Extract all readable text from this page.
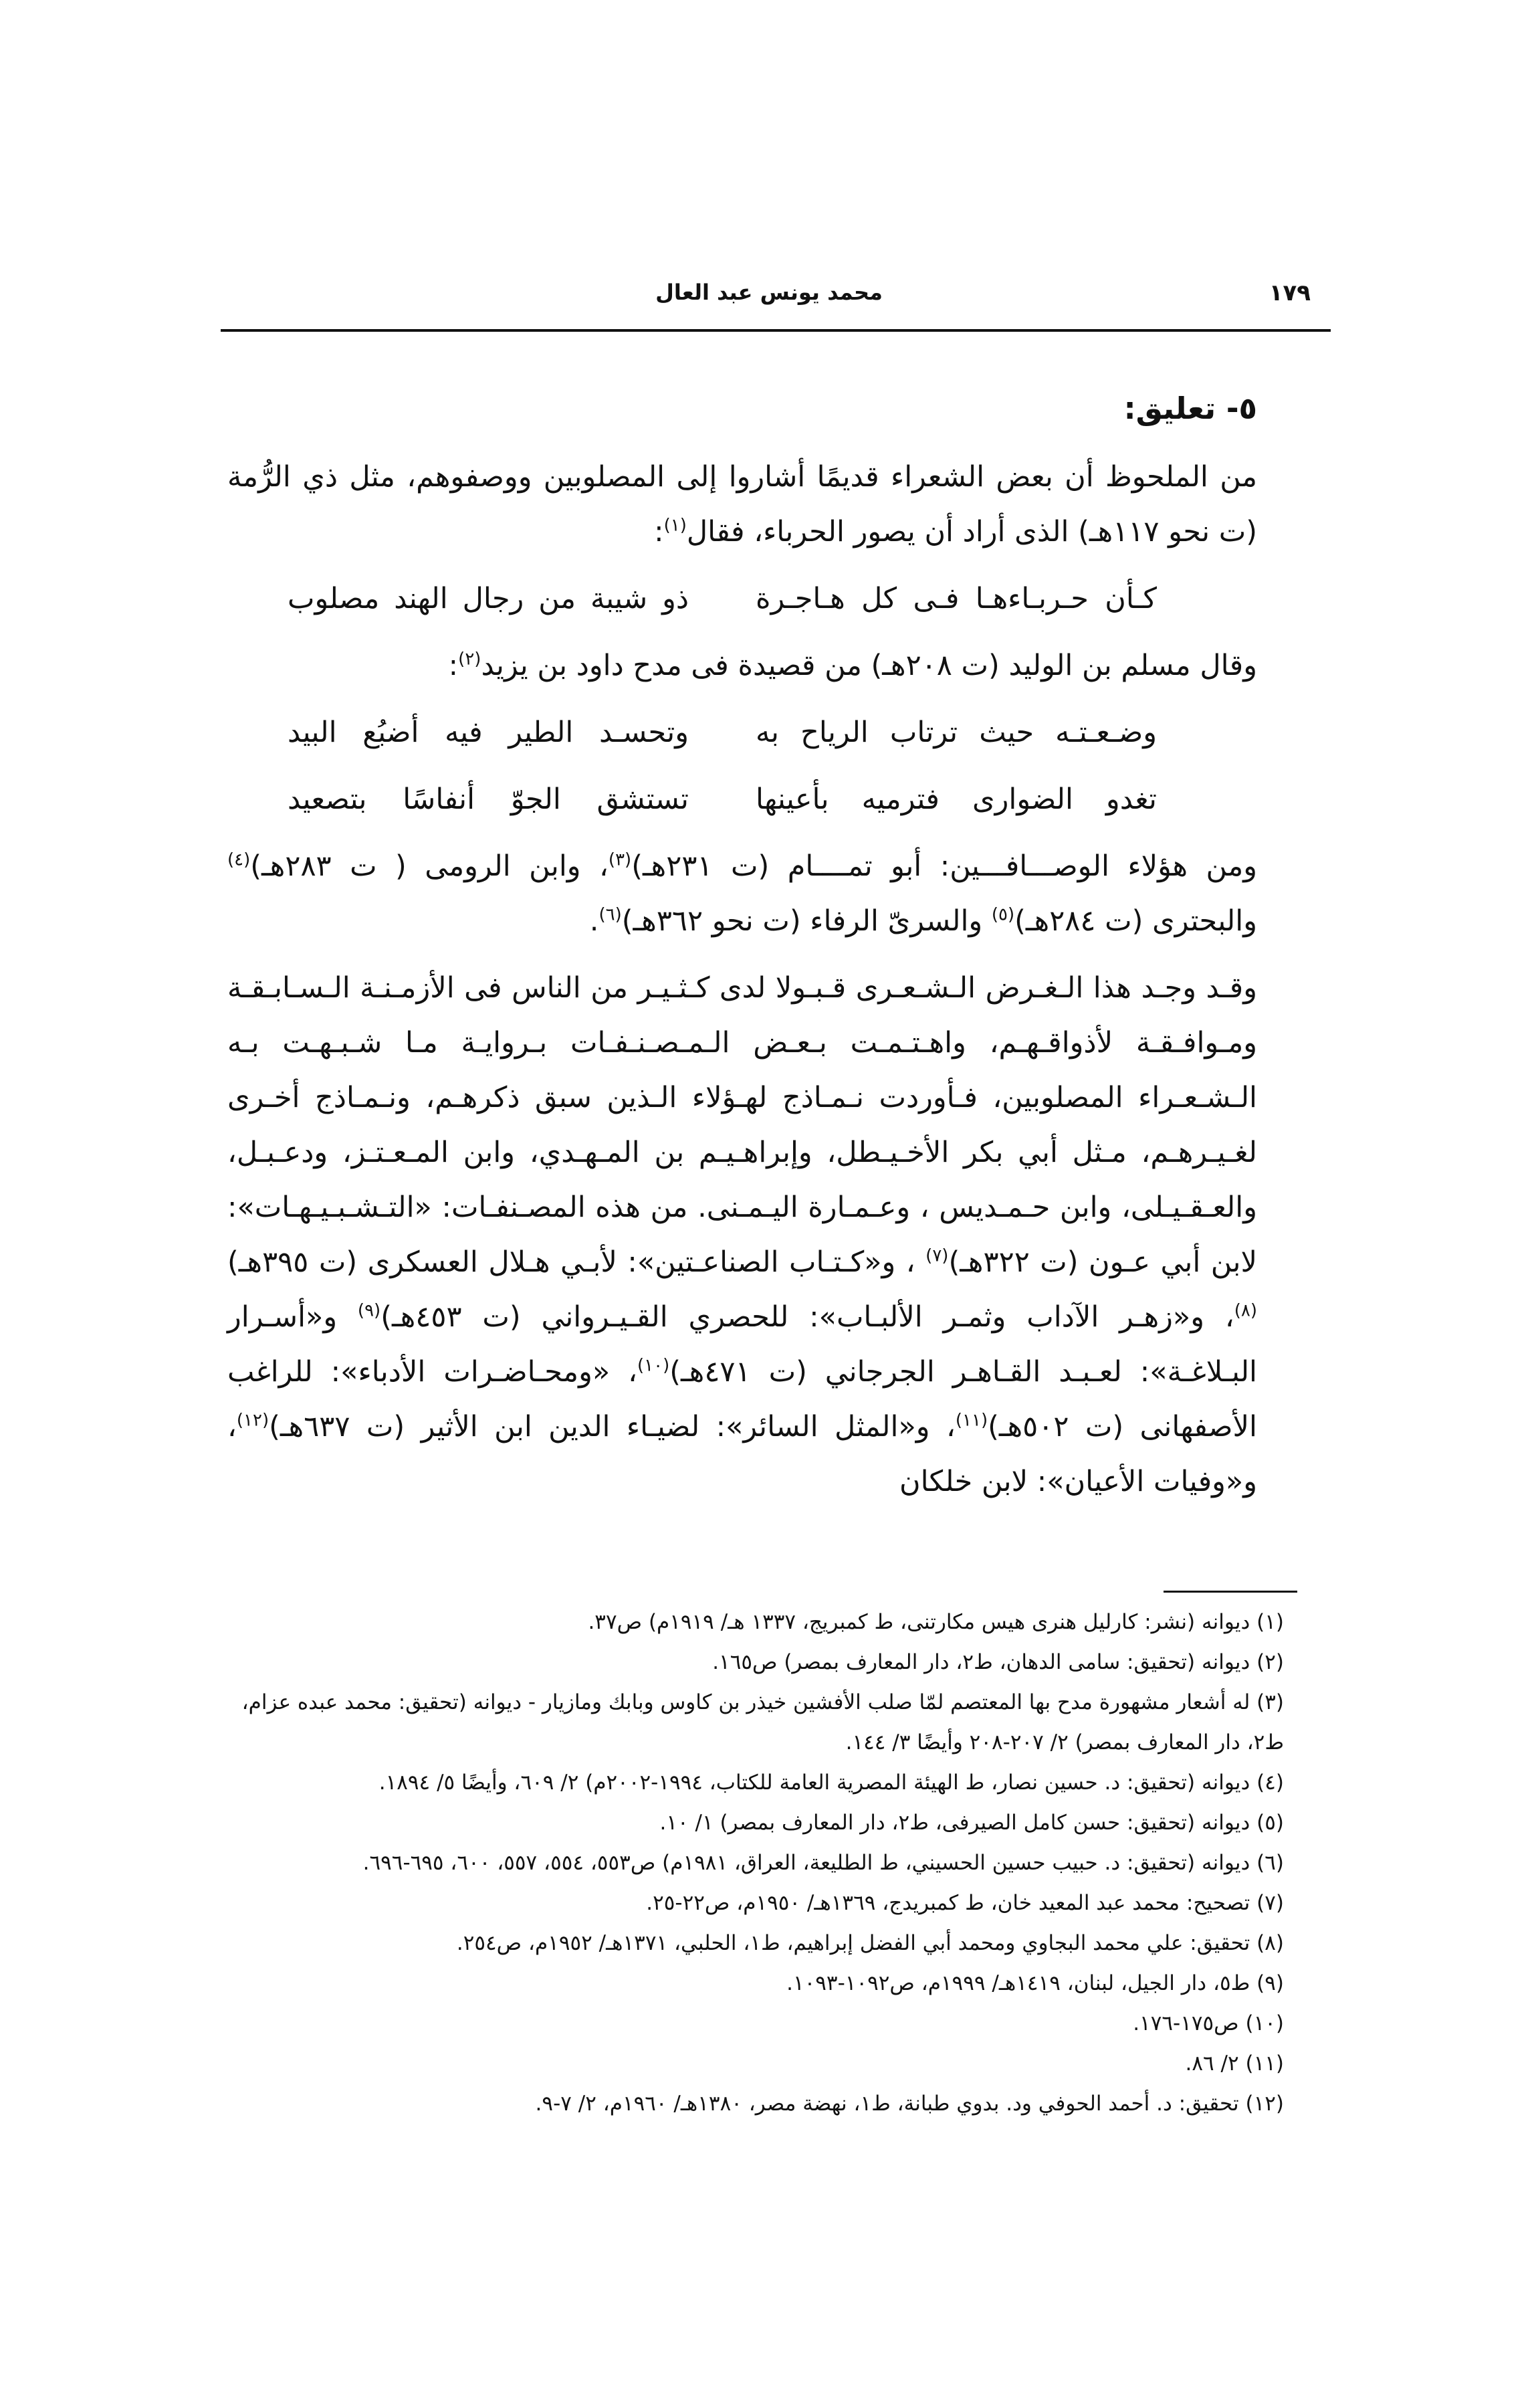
١٧٩
محمد يونس عبد العال
٥- تعليق:

من الملحوظ أن بعض الشعراء قديمًا أشاروا إلى المصلوبين ووصفوهم، مثل ذي الرُّمة (ت نحو ١١٧هـ) الذى أراد أن يصور الحرباء، فقال$^{(١)}$:

كـأن حـربـاءهـا فـى كل هـاجـرة
ذو شيبة من رجال الهند مصلوب

وقال مسلم بن الوليد (ت ٢٠٨هـ) من قصيدة فى مدح داود بن يزيد$^{(٢)}$:

وضـعـتـه حيث ترتاب الرياح به
وتحسـد الطير فيه أضبُع البيد
تغدو الضوارى فترميه بأعينها
تستشق الجوّ أنفاسًا بتصعيد

ومن هؤلاء الوصـــافـــين: أبو تمــــام (ت ٢٣١هـ)$^{(٣)}$، وابن الرومى ( ت ٢٨٣هـ)$^{(٤)}$ والبحترى (ت ٢٨٤هـ)$^{(٥)}$ والسرىّ الرفاء (ت نحو ٣٦٢هـ)$^{(٦)}$.

وقـد وجـد هذا الـغـرض الـشـعـرى قـبـولا لدى كـثـيـر من الناس فى الأزمـنـة الـسـابـقـة ومـوافـقـة لأذواقـهـم، واهـتـمـت بـعـض الـمـصـنـفـات بـروايـة مـا شـبـهـت بـه الـشـعـراء المصلوبين، فـأوردت نـمـاذج لهـؤلاء الـذين سبق ذكرهـم، ونـمـاذج أخـرى لغـيـرهـم، مـثل أبي بكر الأخـيـطل، وإبراهـيـم بن المـهـدي، وابن المـعـتـز، ودعـبـل، والعـقـيـلى، وابن حـمـديس ، وعـمـارة اليـمـنى. من هذه المصـنفـات: «التـشـبـيـهـات»: لابن أبي عـون (ت ٣٢٢هـ)$^{(٧)}$ ، و«كـتـاب الصناعـتين»: لأبـي هـلال العسكرى (ت ٣٩٥هـ)$^{(٨)}$، و«زهـر الآداب وثمـر الألبـاب»: للحصري القـيـرواني (ت ٤٥٣هـ)$^{(٩)}$ و«أسـرار البـلاغـة»: لعـبـد القـاهـر الجرجاني (ت ٤٧١هـ)$^{(١٠)}$، «ومحـاضـرات الأدباء»: للراغب الأصفهانى (ت ٥٠٢هـ)$^{(١١)}$، و«المثل السائر»: لضيـاء الدين ابن الأثير (ت ٦٣٧هـ)$^{(١٢)}$، و«وفيات الأعيان»: لابن خلكان

(١) ديوانه (نشر: كارليل هنرى هيس مكارتنى، ط كمبريج، ١٣٣٧ هـ/ ١٩١٩م) ص٣٧.

(٢) ديوانه (تحقيق: سامى الدهان، ط٢، دار المعارف بمصر) ص١٦٥.

(٣) له أشعار مشهورة مدح بها المعتصم لمّا صلب الأفشين خيذر بن كاوس وبابك ومازيار - ديوانه (تحقيق: محمد عبده عزام، ط٢، دار المعارف بمصر) ٢/ ٢٠٧-٢٠٨ وأيضًا ٣/ ١٤٤.

(٤) ديوانه (تحقيق: د. حسين نصار، ط الهيئة المصرية العامة للكتاب، ١٩٩٤-٢٠٠٢م) ٢/ ٦٠٩، وأيضًا ٥/ ١٨٩٤.

(٥) ديوانه (تحقيق: حسن كامل الصيرفى، ط٢، دار المعارف بمصر) ١/ ١٠.

(٦) ديوانه (تحقيق: د. حبيب حسين الحسيني، ط الطليعة، العراق، ١٩٨١م) ص٥٥٣، ٥٥٤، ٥٥٧، ٦٠٠، ٦٩٥-٦٩٦.

(٧) تصحيح: محمد عبد المعيد خان، ط كمبريدج، ١٣٦٩هـ/ ١٩٥٠م، ص٢٢-٢٥.

(٨) تحقيق: علي محمد البجاوي ومحمد أبي الفضل إبراهيم، ط١، الحلبي، ١٣٧١هـ/ ١٩٥٢م، ص٢٥٤.

(٩) ط٥، دار الجيل، لبنان، ١٤١٩هـ/ ١٩٩٩م، ص١٠٩٢-١٠٩٣.

(١٠) ص١٧٥-١٧٦.

(١١) ٢/ ٨٦.

(١٢) تحقيق: د. أحمد الحوفي ود. بدوي طبانة، ط١، نهضة مصر، ١٣٨٠هـ/ ١٩٦٠م، ٢/ ٧-٩.
